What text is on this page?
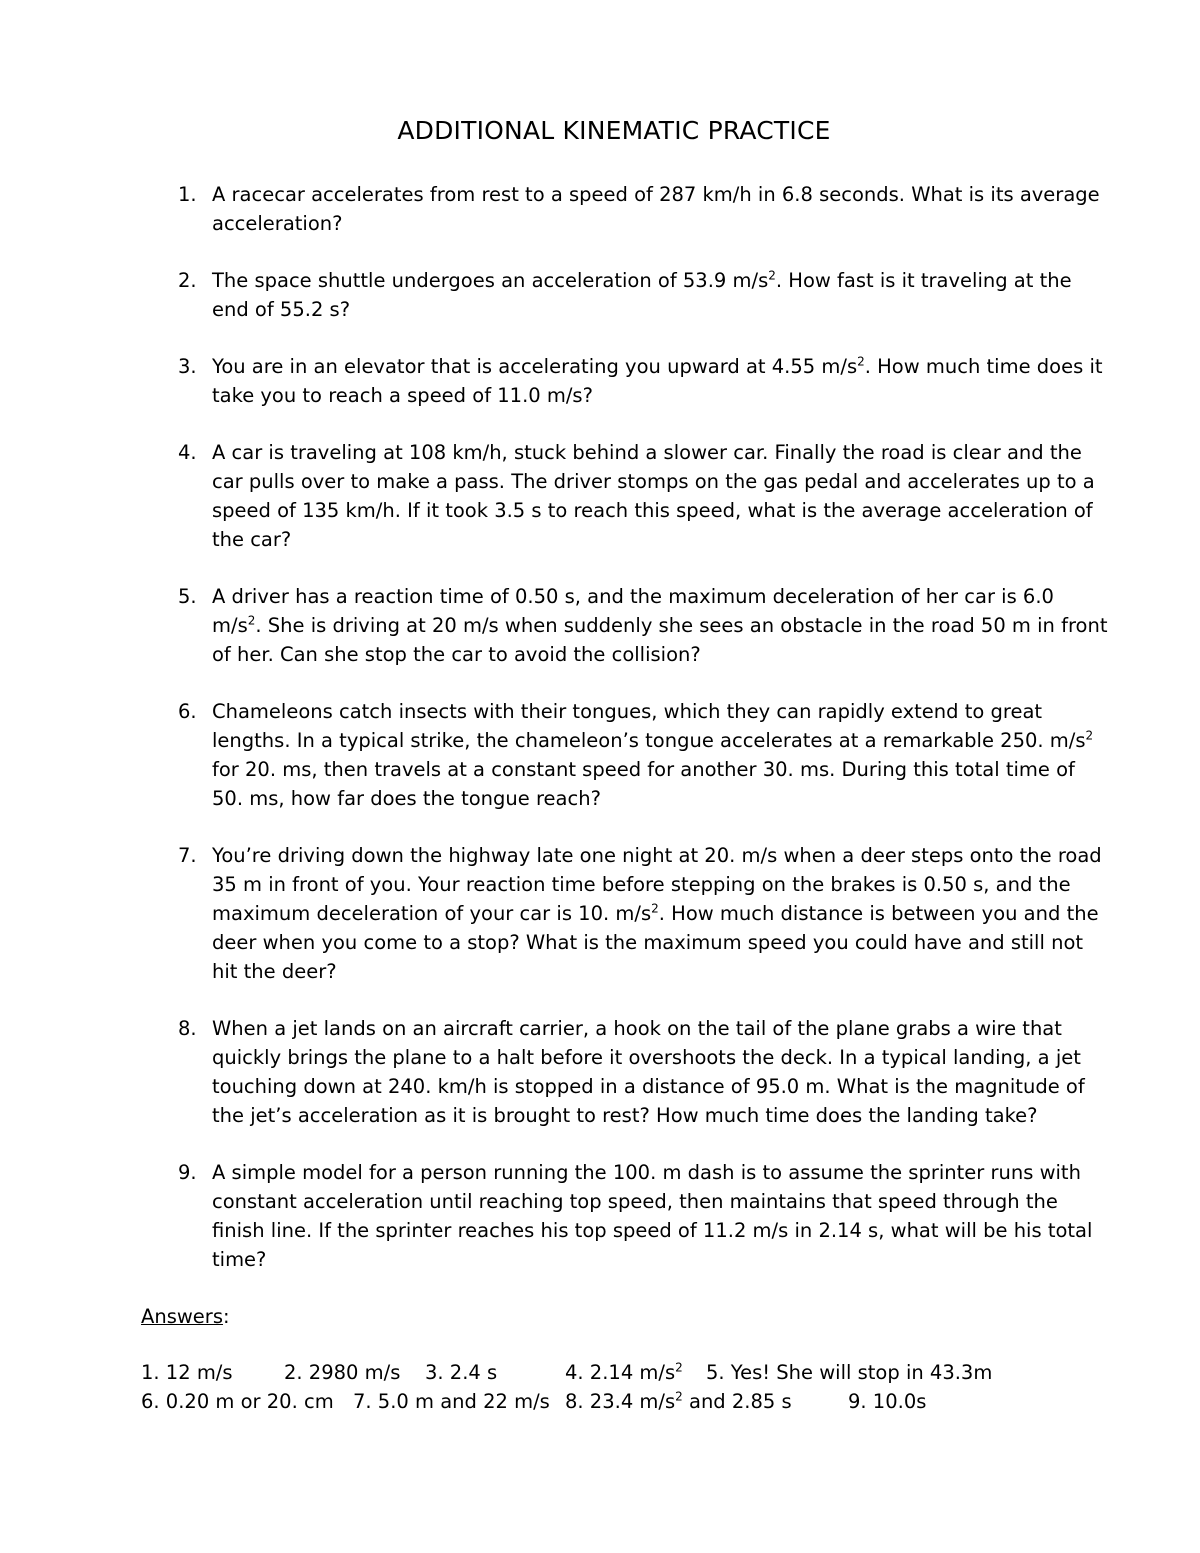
ADDITIONAL KINEMATIC PRACTICE
1. A racecar accelerates from rest to a speed of 287 km/h in 6.8 seconds. What is its average acceleration?
2. The space shuttle undergoes an acceleration of 53.9 $m/s^2$. How fast is it traveling at the end of 55.2 s?
3. You are in an elevator that is accelerating you upward at 4.55 $m/s^2$. How much time does it take you to reach a speed of 11.0 m/s?
4. A car is traveling at 108 km/h, stuck behind a slower car. Finally the road is clear and the car pulls over to make a pass. The driver stomps on the gas pedal and accelerates up to a speed of 135 km/h. If it took 3.5 s to reach this speed, what is the average acceleration of the car?
5. A driver has a reaction time of 0.50 s, and the maximum deceleration of her car is 6.0 $m/s^2$. She is driving at 20 m/s when suddenly she sees an obstacle in the road 50 m in front of her. Can she stop the car to avoid the collision?
6. Chameleons catch insects with their tongues, which they can rapidly extend to great lengths. In a typical strike, the chameleon’s tongue accelerates at a remarkable 250. $m/s^2$ for 20. ms, then travels at a constant speed for another 30. ms. During this total time of 50. ms, how far does the tongue reach?
7. You’re driving down the highway late one night at 20. m/s when a deer steps onto the road 35 m in front of you. Your reaction time before stepping on the brakes is 0.50 s, and the maximum deceleration of your car is 10. $m/s^2$. How much distance is between you and the deer when you come to a stop? What is the maximum speed you could have and still not hit the deer?
8. When a jet lands on an aircraft carrier, a hook on the tail of the plane grabs a wire that quickly brings the plane to a halt before it overshoots the deck. In a typical landing, a jet touching down at 240. km/h is stopped in a distance of 95.0 m. What is the magnitude of the jet’s acceleration as it is brought to rest? How much time does the landing take?
9. A simple model for a person running the 100. m dash is to assume the sprinter runs with constant acceleration until reaching top speed, then maintains that speed through the finish line. If the sprinter reaches his top speed of 11.2 m/s in 2.14 s, what will be his total time?
Answers:
1. 12 m/s	2. 2980 m/s 3. 2.4 s	4. 2.14 $m/s^2$ 5. Yes! She will stop in 43.3m
6. 0.20 m or 20. cm 7. 5.0 m and 22 m/s 8. 23.4 $m/s^2$ and 2.85 s	9. 10.0s
